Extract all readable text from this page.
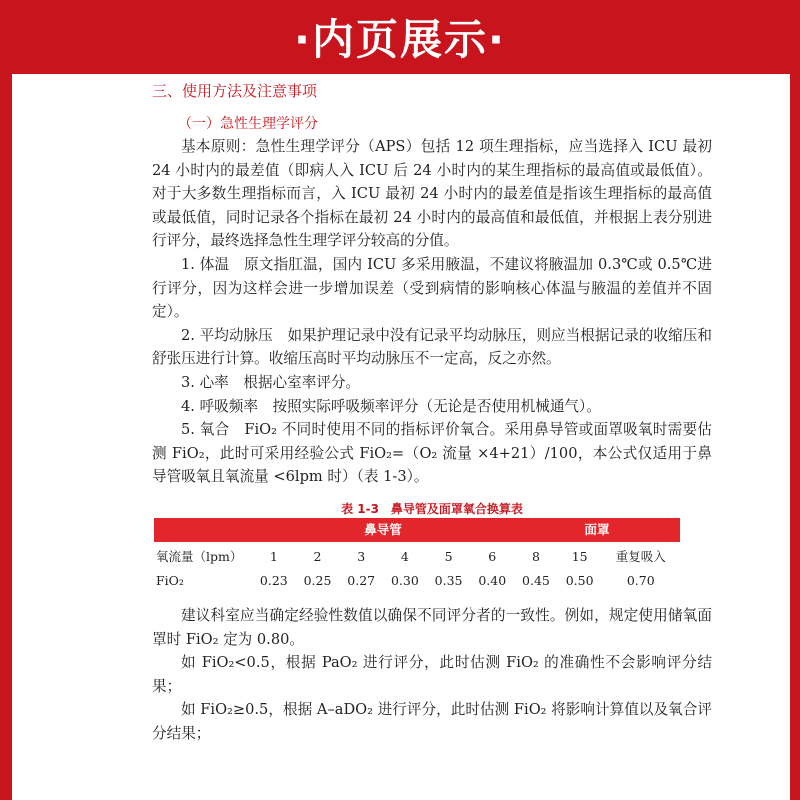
·内页展示·
三、使用方法及注意事项
（一）急性生理学评分

基本原则：急性生理学评分（APS）包括 12 项生理指标，应当选择入 ICU 最初 24 小时内的最差值（即病人入 ICU 后 24 小时内的某生理指标的最高值或最低值）。对于大多数生理指标而言，入 ICU 最初 24 小时内的最差值是指该生理指标的最高值或最低值，同时记录各个指标在最初 24 小时内的最高值和最低值，并根据上表分别进行评分，最终选择急性生理学评分较高的分值。

1. 体温　原文指肛温，国内 ICU 多采用腋温，不建议将腋温加 0.3℃或 0.5℃进行评分，因为这样会进一步增加误差（受到病情的影响核心体温与腋温的差值并不固定）。

2. 平均动脉压　如果护理记录中没有记录平均动脉压，则应当根据记录的收缩压和舒张压进行计算。收缩压高时平均动脉压不一定高，反之亦然。

3. 心率　根据心室率评分。

4. 呼吸频率　按照实际呼吸频率评分（无论是否使用机械通气）。

5. 氧合　FiO₂ 不同时使用不同的指标评价氧合。采用鼻导管或面罩吸氧时需要估测 FiO₂，此时可采用经验公式 FiO₂=（O₂ 流量 ×4+21）/100，本公式仅适用于鼻导管吸氧且氧流量 <6lpm 时）（表 1-3）。

表 1-3　鼻导管及面罩氧合换算表
	鼻导管						面罩		
氧流量（lpm）	1	2	3	4	5	6	8	15	重复吸入
FiO₂	0.23	0.25	0.27	0.30	0.35	0.40	0.45	0.50	0.70

建议科室应当确定经验性数值以确保不同评分者的一致性。例如，规定使用储氧面罩时 FiO₂ 定为 0.80。

如 FiO₂<0.5，根据 PaO₂ 进行评分，此时估测 FiO₂ 的准确性不会影响评分结果；

如 FiO₂≥0.5，根据 A–aDO₂ 进行评分，此时估测 FiO₂ 将影响计算值以及氧合评分结果；
